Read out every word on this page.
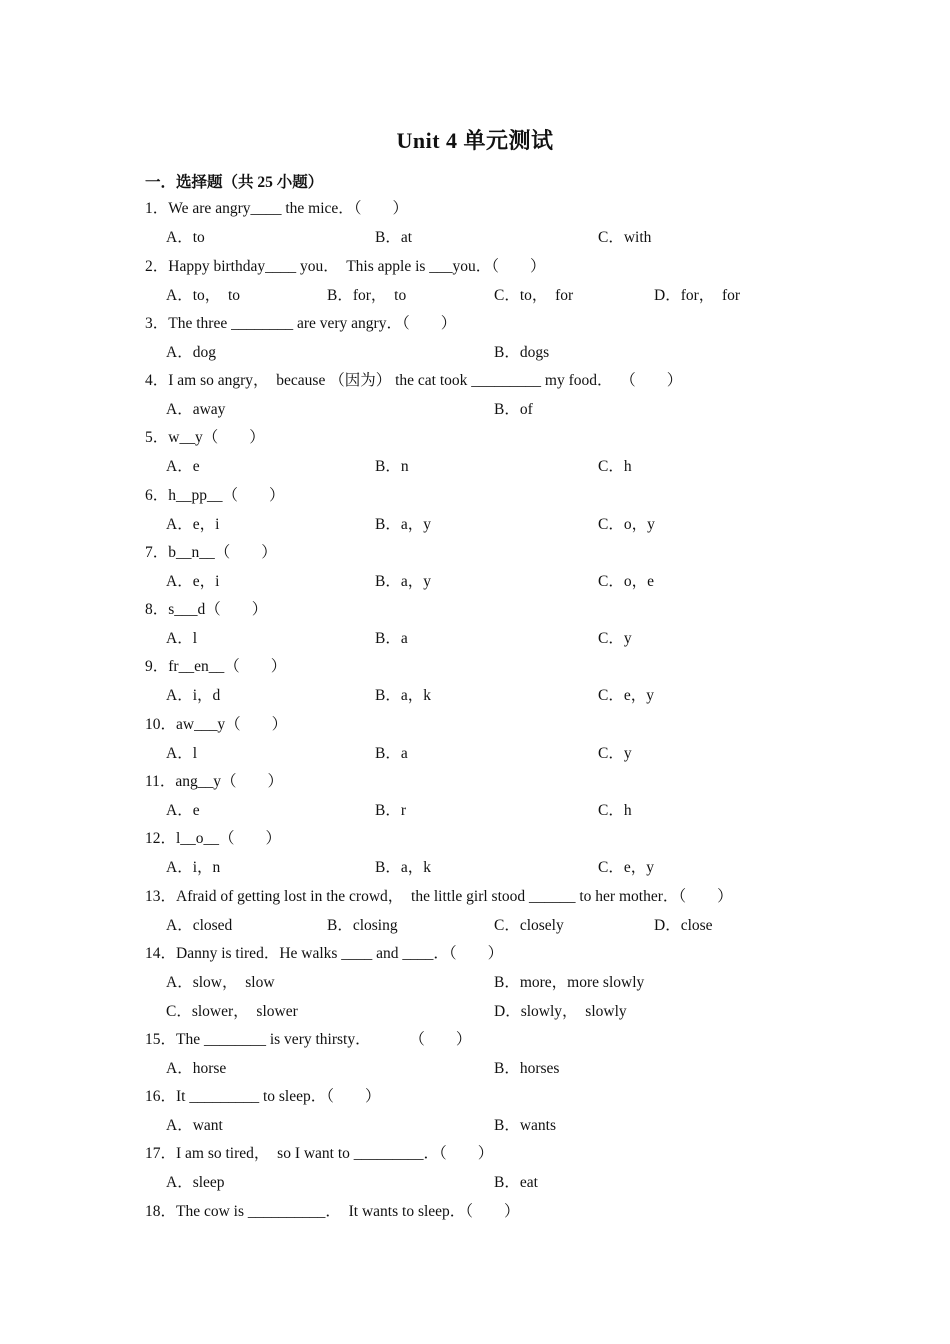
Unit 4 单元测试
一．选择题（共 25 小题）
1．We are angry____ the mice．（　　）
A．to	B．at	C．with
2．Happy birthday____ you．  This apple is ___you．（　　）
A．to，  to	B．for，  to	C．to，  for	D．for，  for
3．The three ________ are very angry．（　　）
A．dog	B．dogs
4．I am so angry，  because （因为） the cat took _________ my food．  （　　）
A．away	B．of
5．w__y（　　）
A．e	B．n	C．h
6．h__pp__（　　）
A．e，i	B．a，y	C．o，y
7．b__n__（　　）
A．e，i	B．a，y	C．o，e
8．s___d（　　）
A．l	B．a	C．y
9．fr__en__（　　）
A．i，d	B．a，k	C．e，y
10．aw___y（　　）
A．l	B．a	C．y
11．ang__y（　　）
A．e	B．r	C．h
12．l__o__（　　）
A．i，n	B．a，k	C．e，y
13．Afraid of getting lost in the crowd，  the little girl stood ______ to her mother．（　　）
A．closed	B．closing	C．closely	D．close
14．Danny is tired．He walks ____ and ____．（　　）
A．slow，  slow	B．more，more slowly
C．slower，  slower	D．slowly，  slowly
15．The ________ is very thirsty．          （　　）
A．horse	B．horses
16．It _________ to sleep．（　　）
A．want	B．wants
17．I am so tired，  so I want to _________．（　　）
A．sleep	B．eat
18．The cow is __________．  It wants to sleep．（　　）
